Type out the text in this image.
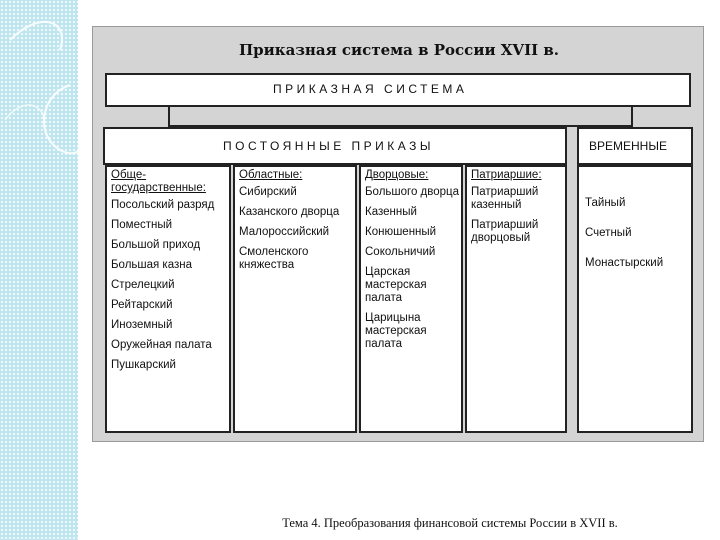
Приказная система в России XVII в.
ПРИКАЗНАЯ СИСТЕМА
ПОСТОЯННЫЕ ПРИКАЗЫ	ВРЕМЕННЫЕ
Обще-государственные:
Посольский разряд
Поместный
Большой приход
Большая казна
Стрелецкий
Рейтарский
Иноземный
Оружейная палата
Пушкарский
Областные:
Сибирский
Казанского дворца
Малороссийский
Смоленского княжества
Дворцовые:
Большого дворца
Казенный
Конюшенный
Сокольничий
Царская мастерская палата
Царицына мастерская палата
Патриаршие:
Патриарший казенный
Патриарший дворцовый
Тайный
Счетный
Монастырский
Тема 4. Преобразования финансовой системы России в XVII в.
